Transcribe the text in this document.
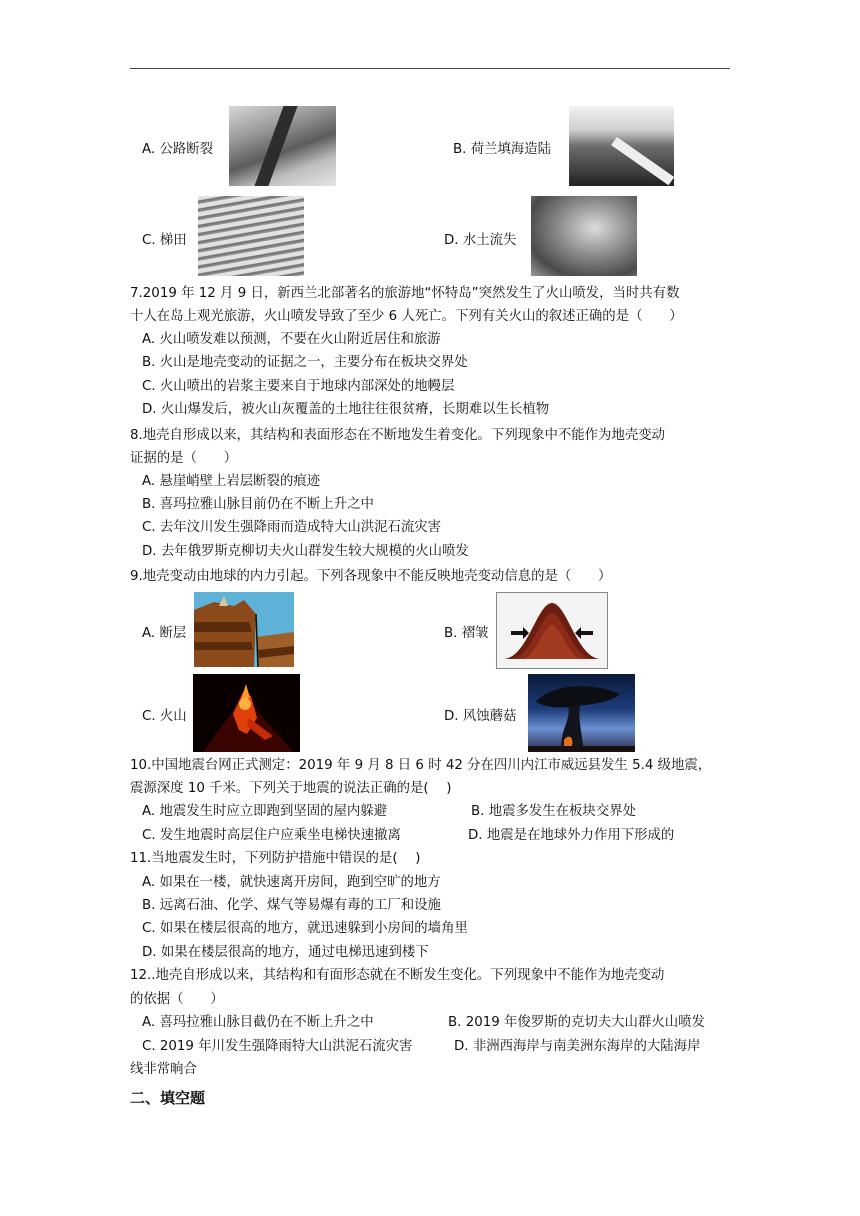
A. 公路断裂	B. 荷兰填海造陆
C. 梯田	D. 水土流失
7.2019 年 12 月 9 日，新西兰北部著名的旅游地“怀特岛”突然发生了火山喷发，当时共有数
十人在岛上观光旅游，火山喷发导致了至少 6 人死亡。下列有关火山的叙述正确的是（　　）
A. 火山喷发难以预测，不要在火山附近居住和旅游
B. 火山是地壳变动的证据之一，主要分布在板块交界处
C. 火山喷出的岩浆主要来自于地球内部深处的地幔层
D. 火山爆发后，被火山灰覆盖的土地往往很贫瘠，长期难以生长植物
8.地壳自形成以来，其结构和表面形态在不断地发生着变化。下列现象中不能作为地壳变动
证据的是（　　）
A. 悬崖峭壁上岩层断裂的痕迹
B. 喜玛拉雅山脉目前仍在不断上升之中
C. 去年汶川发生强降雨而造成特大山洪泥石流灾害
D. 去年俄罗斯克柳切夫火山群发生较大规模的火山喷发
9.地壳变动由地球的内力引起。下列各现象中不能反映地壳变动信息的是（　　）
A. 断层	B. 褶皱
C. 火山	D. 风蚀蘑菇
10.中国地震台网正式测定：2019 年 9 月 8 日 6 时 42 分在四川内江市威远县发生 5.4 级地震，
震源深度 10 千米。下列关于地震的说法正确的是(　 )
A. 地震发生时应立即跑到坚固的屋内躲避	B. 地震多发生在板块交界处
C. 发生地震时高层住户应乘坐电梯快速撤离	D. 地震是在地球外力作用下形成的
11.当地震发生时，下列防护措施中错误的是(　 )
A. 如果在一楼，就快速离开房间，跑到空旷的地方
B. 远离石油、化学、煤气等易爆有毒的工厂和设施
C. 如果在楼层很高的地方，就迅速躲到小房间的墙角里
D. 如果在楼层很高的地方，通过电梯迅速到楼下
12..地壳自形成以来，其结构和有面形态就在不断发生变化。下列现象中不能作为地壳变动
的依据（　　）
A. 喜玛拉雅山脉目截仍在不断上升之中	B. 2019 年俊罗斯的克切夫大山群火山喷发
C. 2019 年川发生强降雨特大山洪泥石流灾害	D. 非洲西海岸与南美洲东海岸的大陆海岸
线非常晌合
二、填空题
